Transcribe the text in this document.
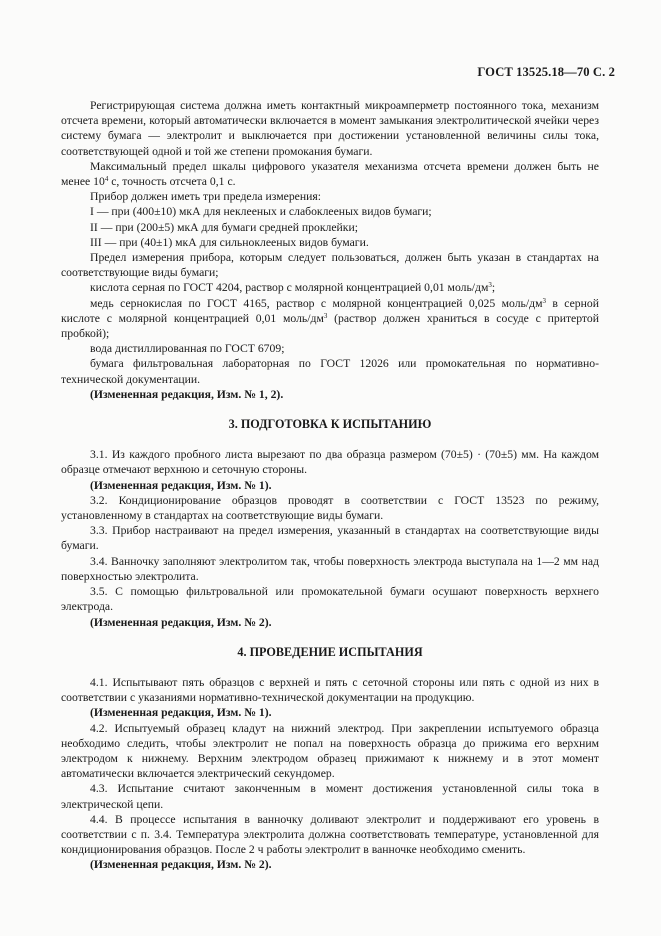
ГОСТ 13525.18—70 С. 2

Регистрирующая система должна иметь контактный микроамперметр постоянного тока, механизм отсчета времени, который автоматически включается в момент замыкания электролитической ячейки через систему бумага — электролит и выключается при достижении установленной величины силы тока, соответствующей одной и той же степени промокания бумаги.

Максимальный предел шкалы цифрового указателя механизма отсчета времени должен быть не менее $10^4$ с, точность отсчета 0,1 с.

Прибор должен иметь три предела измерения:

I — при (400±10) мкА для неклееных и слабоклееных видов бумаги;

II — при (200±5) мкА для бумаги средней проклейки;

III — при (40±1) мкА для сильноклееных видов бумаги.

Предел измерения прибора, которым следует пользоваться, должен быть указан в стандартах на соответствующие виды бумаги;

кислота серная по ГОСТ 4204, раствор с молярной концентрацией 0,01 моль/$дм^3$;

медь сернокислая по ГОСТ 4165, раствор с молярной концентрацией 0,025 моль/$дм^3$ в серной кислоте с молярной концентрацией 0,01 моль/$дм^3$ (раствор должен храниться в сосуде с притертой пробкой);

вода дистиллированная по ГОСТ 6709;

бумага фильтровальная лабораторная по ГОСТ 12026 или промокательная по нормативно-технической документации.

(Измененная редакция, Изм. № 1, 2).

3. ПОДГОТОВКА К ИСПЫТАНИЮ

3.1. Из каждого пробного листа вырезают по два образца размером (70±5) · (70±5) мм. На каждом образце отмечают верхнюю и сеточную стороны.

(Измененная редакция, Изм. № 1).

3.2. Кондиционирование образцов проводят в соответствии с ГОСТ 13523 по режиму, установленному в стандартах на соответствующие виды бумаги.

3.3. Прибор настраивают на предел измерения, указанный в стандартах на соответствующие виды бумаги.

3.4. Ванночку заполняют электролитом так, чтобы поверхность электрода выступала на 1—2 мм над поверхностью электролита.

3.5. С помощью фильтровальной или промокательной бумаги осушают поверхность верхнего электрода.

(Измененная редакция, Изм. № 2).

4. ПРОВЕДЕНИЕ ИСПЫТАНИЯ

4.1. Испытывают пять образцов с верхней и пять с сеточной стороны или пять с одной из них в соответствии с указаниями нормативно-технической документации на продукцию.

(Измененная редакция, Изм. № 1).

4.2. Испытуемый образец кладут на нижний электрод. При закреплении испытуемого образца необходимо следить, чтобы электролит не попал на поверхность образца до прижима его верхним электродом к нижнему. Верхним электродом образец прижимают к нижнему и в этот момент автоматически включается электрический секундомер.

4.3. Испытание считают законченным в момент достижения установленной силы тока в электрической цепи.

4.4. В процессе испытания в ванночку доливают электролит и поддерживают его уровень в соответствии с п. 3.4. Температура электролита должна соответствовать температуре, установленной для кондиционирования образцов. После 2 ч работы электролит в ванночке необходимо сменить.

(Измененная редакция, Изм. № 2).
